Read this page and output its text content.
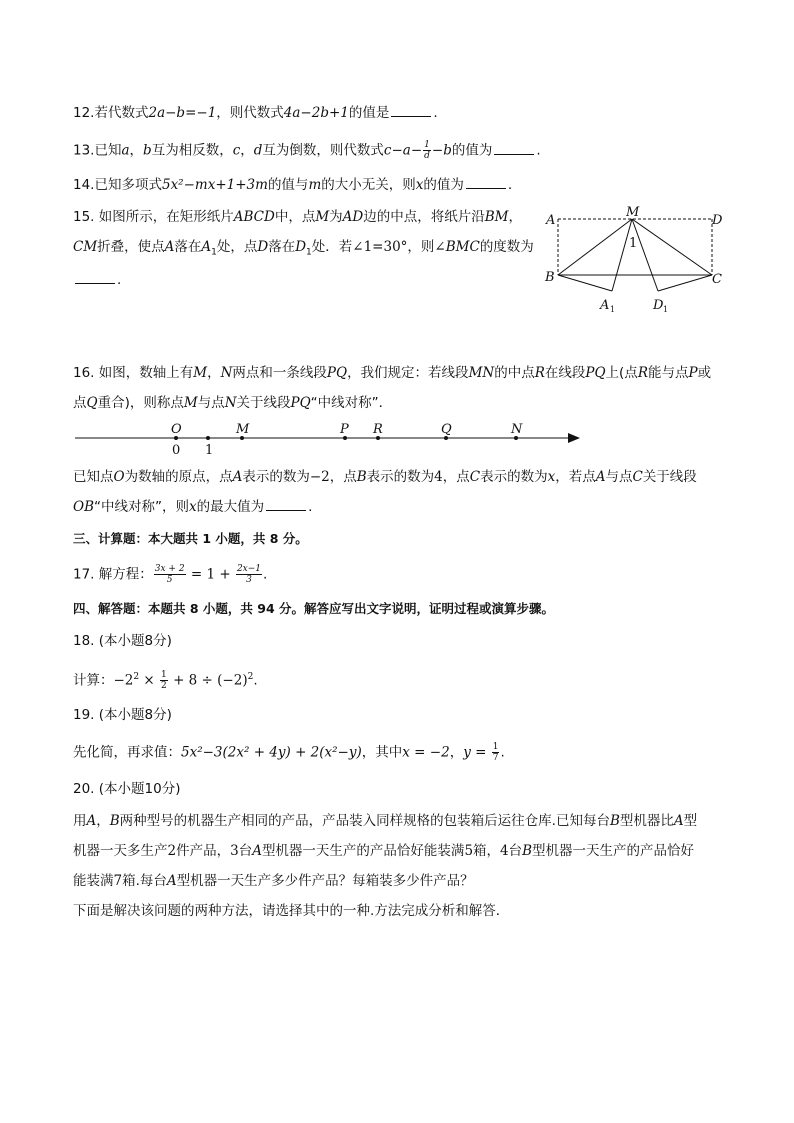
12.若代数式2a−b=−1，则代数式4a−2b+1的值是	.
13.已知a，b互为相反数，c，d互为倒数，则代数式$c-a- \frac{1}{d} -b$的值为	.
14.已知多项式5x²−mx+1+3m的值与m的大小无关，则x的值为	.
15. 如图所示，在矩形纸片ABCD中，点M为AD边的中点，将纸片沿BM，
CM折叠，使点A落在$A_1$处，点D落在$D_1$处．若∠1=30°，则∠BMC的度数为
.
A
M
D
B	C
1
A 1	D 1
16. 如图，数轴上有M，N两点和一条线段PQ，我们规定：若线段MN的中点R在线段PQ上(点R能与点P或
点Q重合)，则称点M与点N关于线段PQ“中线对称”．
O
0 1
M	P R	Q	N
已知点O为数轴的原点，点A表示的数为−2，点B表示的数为4，点C表示的数为x，若点A与点C关于线段
OB“中线对称”，则x的最大值为	.
三、计算题：本大题共 1 小题，共 8 分。
17. 解方程： $\frac{3x + 2}{5} = 1 + \frac{2x-1}{3}$ .
四、解答题：本题共 8 小题，共 94 分。解答应写出文字说明，证明过程或演算步骤。
18. (本小题8分)
计算：$-2^2 \times \frac{1}{2} + 8 \div (-2)^2$.
19. (本小题8分)
先化简，再求值：5x²−3(2x² + 4y) + 2(x²−y)，其中x = −2，$y = \frac{1}{7}$ .
20. (本小题10分)
用A，B两种型号的机器生产相同的产品，产品装入同样规格的包装箱后运往仓库.已知每台B型机器比A型
机器一天多生产2件产品，3台A型机器一天生产的产品恰好能装满5箱，4台B型机器一天生产的产品恰好
能装满7箱.每台A型机器一天生产多少件产品？每箱装多少件产品？
下面是解决该问题的两种方法，请选择其中的一种.方法完成分析和解答．
